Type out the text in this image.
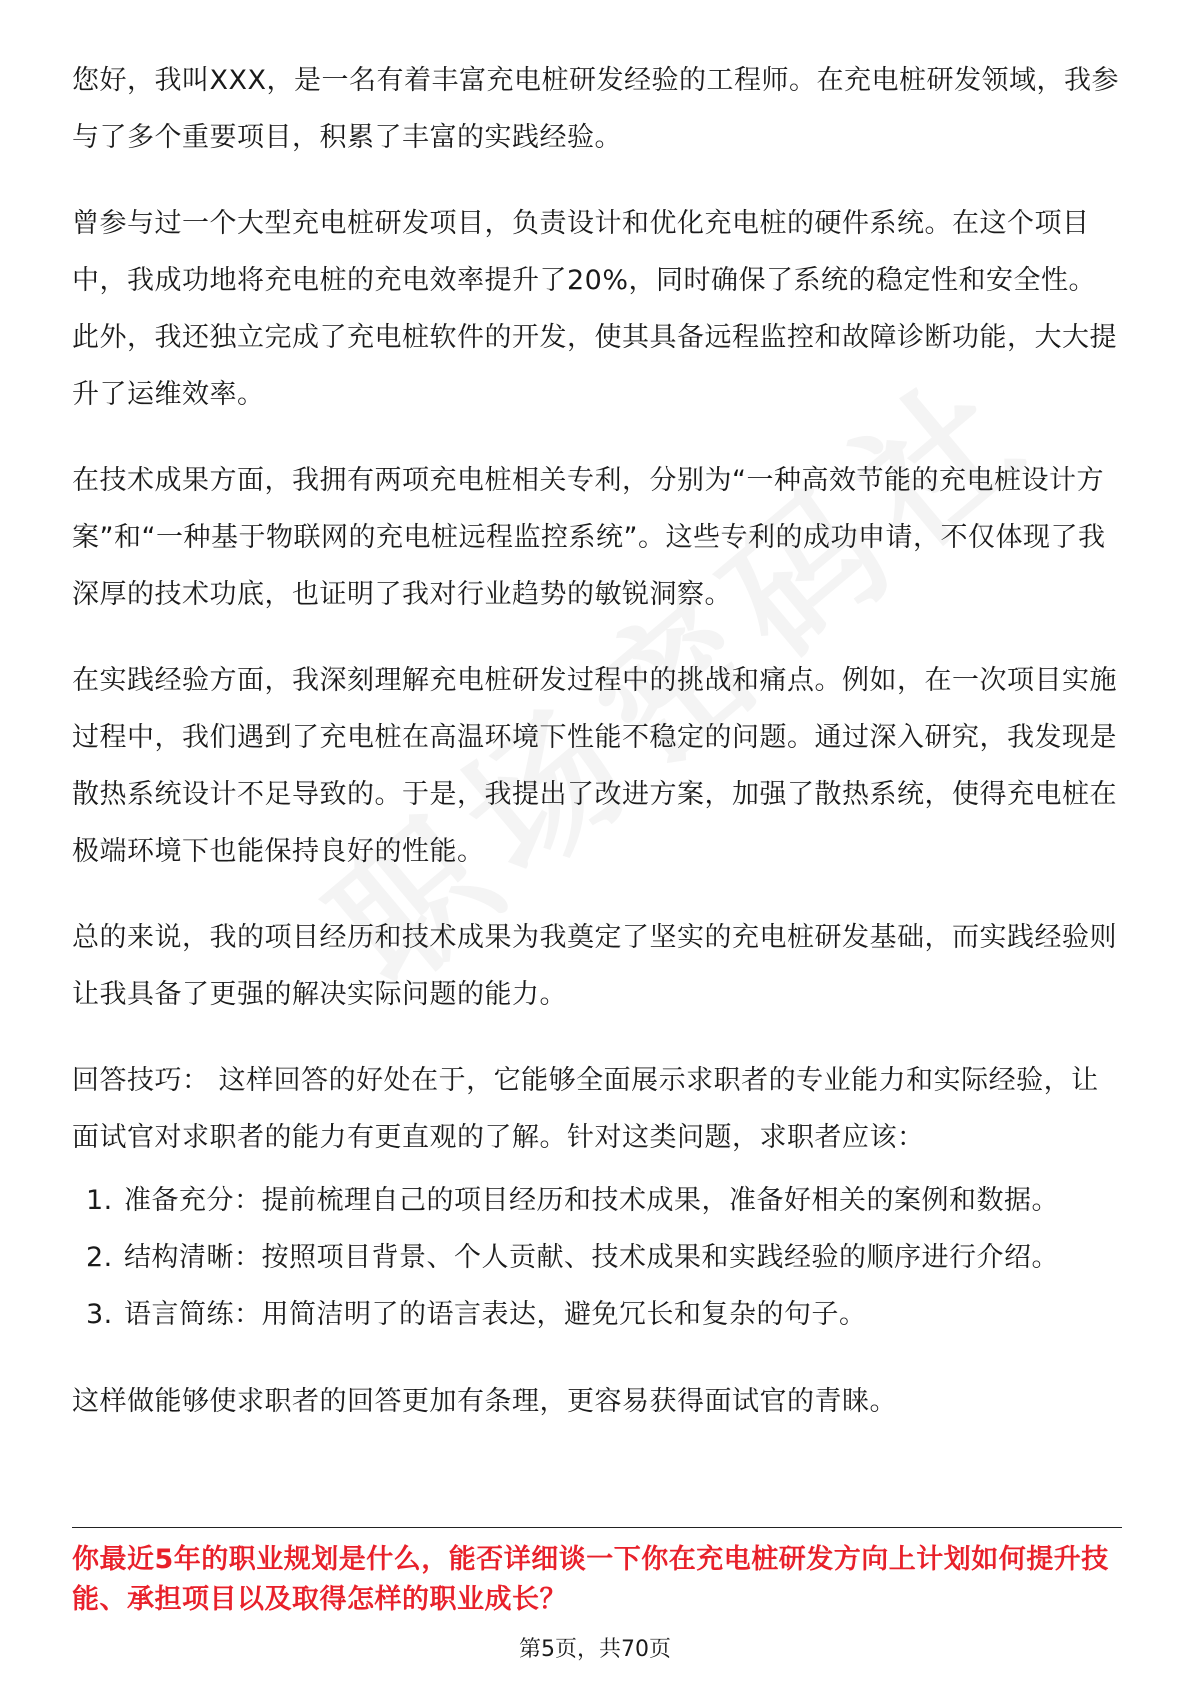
您好，我叫XXX，是一名有着丰富充电桩研发经验的工程师。在充电桩研发领域，我参与了多个重要项目，积累了丰富的实践经验。

曾参与过一个大型充电桩研发项目，负责设计和优化充电桩的硬件系统。在这个项目中，我成功地将充电桩的充电效率提升了20%，同时确保了系统的稳定性和安全性。此外，我还独立完成了充电桩软件的开发，使其具备远程监控和故障诊断功能，大大提升了运维效率。

在技术成果方面，我拥有两项充电桩相关专利，分别为“一种高效节能的充电桩设计方案”和“一种基于物联网的充电桩远程监控系统”。这些专利的成功申请，不仅体现了我深厚的技术功底，也证明了我对行业趋势的敏锐洞察。

在实践经验方面，我深刻理解充电桩研发过程中的挑战和痛点。例如，在一次项目实施过程中，我们遇到了充电桩在高温环境下性能不稳定的问题。通过深入研究，我发现是散热系统设计不足导致的。于是，我提出了改进方案，加强了散热系统，使得充电桩在极端环境下也能保持良好的性能。

总的来说，我的项目经历和技术成果为我奠定了坚实的充电桩研发基础，而实践经验则让我具备了更强的解决实际问题的能力。

回答技巧： 这样回答的好处在于，它能够全面展示求职者的专业能力和实际经验，让面试官对求职者的能力有更直观的了解。针对这类问题，求职者应该：

1. 准备充分：提前梳理自己的项目经历和技术成果，准备好相关的案例和数据。
2. 结构清晰：按照项目背景、个人贡献、技术成果和实践经验的顺序进行介绍。
3. 语言简练：用简洁明了的语言表达，避免冗长和复杂的句子。

这样做能够使求职者的回答更加有条理，更容易获得面试官的青睐。

你最近5年的职业规划是什么，能否详细谈一下你在充电桩研发方向上计划如何提升技能、承担项目以及取得怎样的职业成长？
第5页，共70页
